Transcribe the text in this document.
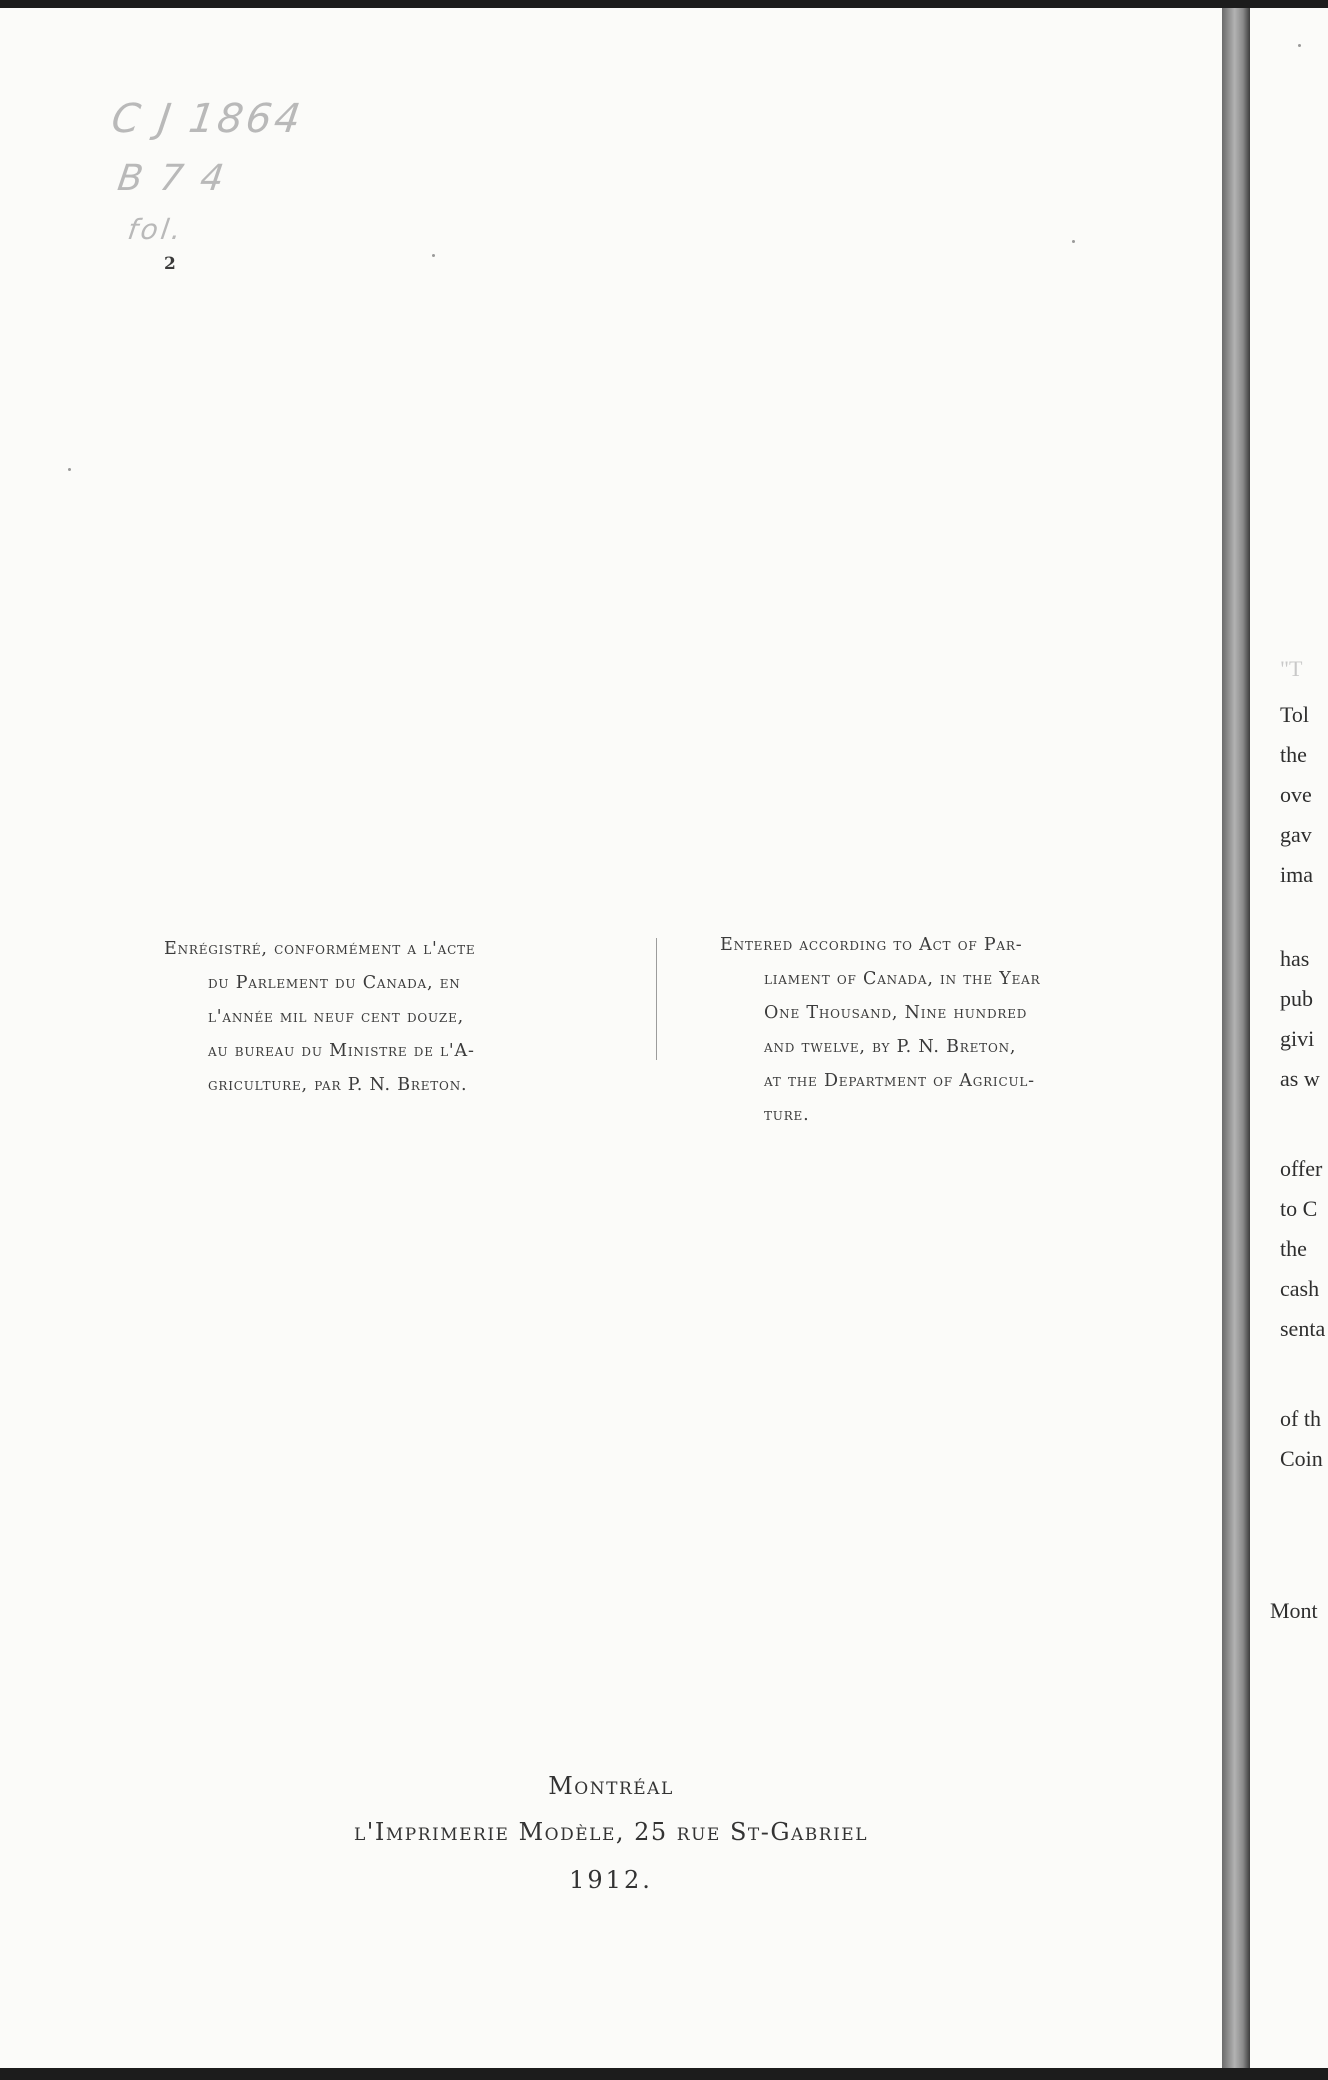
C J 1864
B 7 4
fol.
2
Enrégistré, conformément a l'acte
du Parlement du Canada, en
l'année mil neuf cent douze,
au bureau du Ministre de l'A-
griculture, par P. N. Breton.
Entered according to Act of Par-
liament of Canada, in the Year
One Thousand, Nine hundred
and twelve, by P. N. Breton,
at the Department of Agricul-
ture.
Montréal
l'Imprimerie Modèle, 25 rue St-Gabriel
1912.
"T
Tol
the
ove
gav
ima
has
pub
givi
as w
offer
to C
the
cash
senta
of th
Coin
Mont
